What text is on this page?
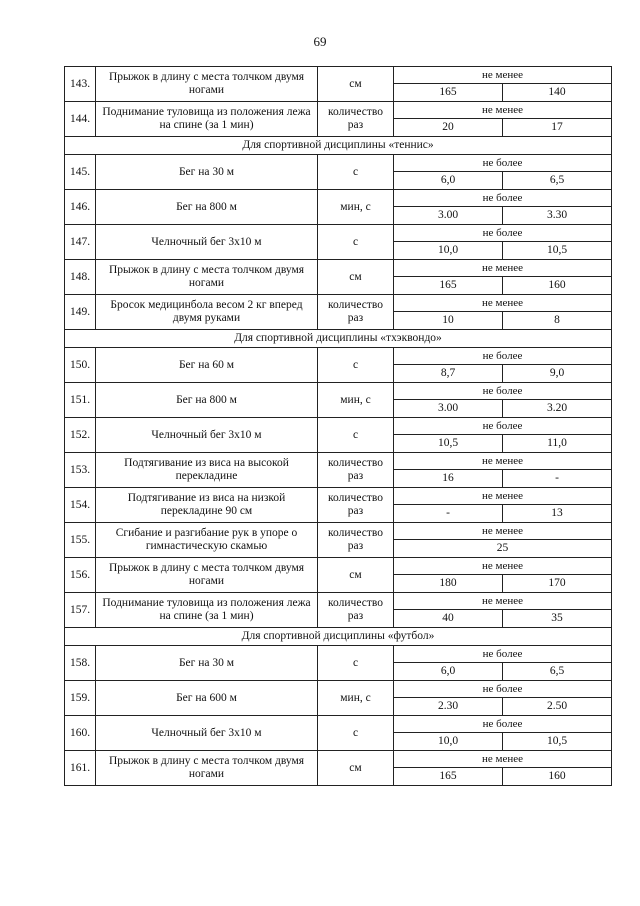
69
143.	Прыжок в длину с места толчком двумя ногами	см	не менее	
			165	140
144.	Поднимание туловища из положения лежа на спине (за 1 мин)	количество раз	не менее	
			20	17
Для спортивной дисциплины «теннис»				
145.	Бег на 30 м	с	не более	
			6,0	6,5
146.	Бег на 800 м	мин, с	не более	
			3.00	3.30
147.	Челночный бег 3х10 м	с	не более	
			10,0	10,5
148.	Прыжок в длину с места толчком двумя ногами	см	не менее	
			165	160
149.	Бросок медицинбола весом 2 кг вперед двумя руками	количество раз	не менее	
			10	8
Для спортивной дисциплины «тхэквондо»				
150.	Бег на 60 м	с	не более	
			8,7	9,0
151.	Бег на 800 м	мин, с	не более	
			3.00	3.20
152.	Челночный бег 3х10 м	с	не более	
			10,5	11,0
153.	Подтягивание из виса на высокой перекладине	количество раз	не менее	
			16	-
154.	Подтягивание из виса на низкой перекладине 90 см	количество раз	не менее	
			-	13
155.	Сгибание и разгибание рук в упоре о гимнастическую скамью	количество раз	не менее	
			25	
156.	Прыжок в длину с места толчком двумя ногами	см	не менее	
			180	170
157.	Поднимание туловища из положения лежа на спине (за 1 мин)	количество раз	не менее	
			40	35
Для спортивной дисциплины «футбол»				
158.	Бег на 30 м	с	не более	
			6,0	6,5
159.	Бег на 600 м	мин, с	не более	
			2.30	2.50
160.	Челночный бег 3х10 м	с	не более	
			10,0	10,5
161.	Прыжок в длину с места толчком двумя ногами	см	не менее	
			165	160
